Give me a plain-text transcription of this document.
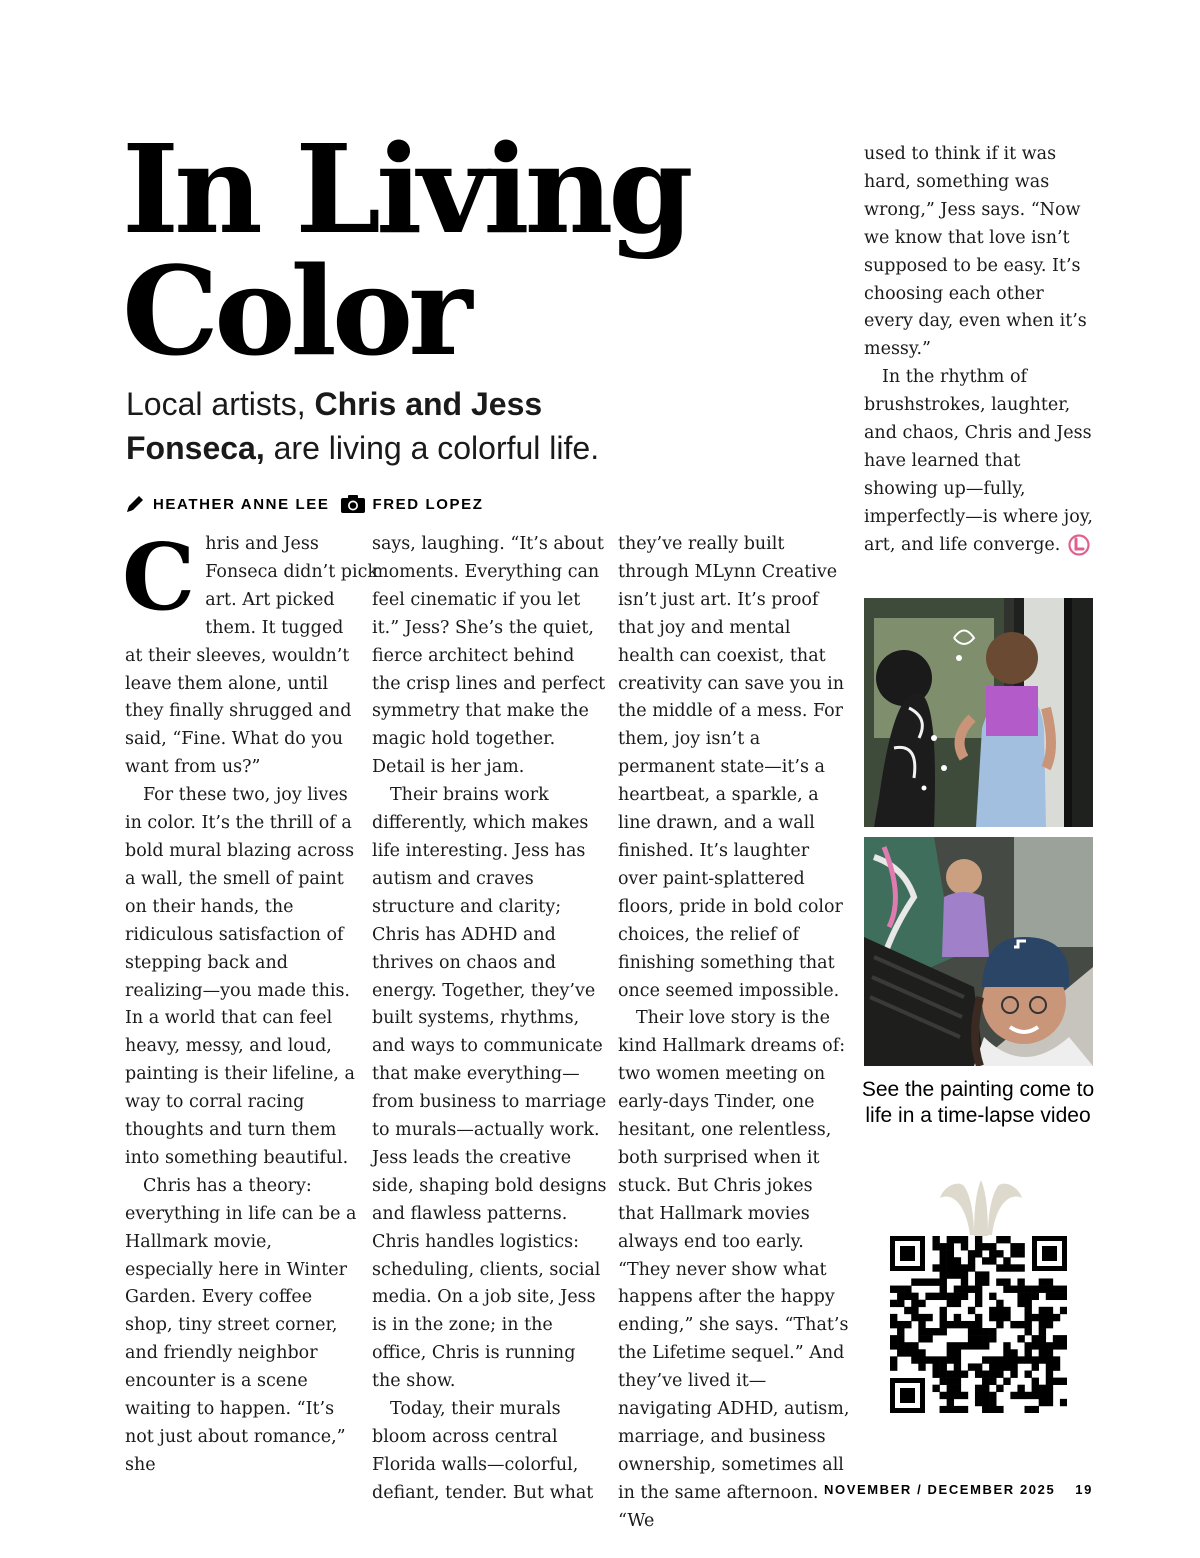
In Living
Color

Local artists, Chris and Jess
Fonseca, are living a colorful life.

HEATHER ANNE LEE	FRED LOPEZ
C hris and Jess
Fonseca didn’t pick
art. Art picked

them. It tugged at their sleeves, wouldn’t leave them alone, until they finally shrugged and said, “Fine. What do you want from us?”

For these two, joy lives in color. It’s the thrill of a bold mural blazing across a wall, the smell of paint on their hands, the ridiculous satisfaction of stepping back and realizing—you made this. In a world that can feel heavy, messy, and loud, painting is their lifeline, a way to corral racing thoughts and turn them into something beautiful.

Chris has a theory: everything in life can be a Hallmark movie, especially here in Winter Garden. Every coffee shop, tiny street corner, and friendly neighbor encounter is a scene waiting to happen. “It’s not just about romance,” she

says, laughing. “It’s about moments. Everything can feel cinematic if you let it.” Jess? She’s the quiet, fierce architect behind the crisp lines and perfect symmetry that make the magic hold together. Detail is her jam.

Their brains work differently, which makes life interesting. Jess has autism and craves structure and clarity; Chris has ADHD and thrives on chaos and energy. Together, they’ve built systems, rhythms, and ways to communicate that make everything—from business to marriage to murals—actually work. Jess leads the creative side, shaping bold designs and flawless patterns. Chris handles logistics: scheduling, clients, social media. On a job site, Jess is in the zone; in the office, Chris is running the show.

Today, their murals bloom across central Florida walls—colorful, defiant, tender. But what

they’ve really built through MLynn Creative isn’t just art. It’s proof that joy and mental health can coexist, that creativity can save you in the middle of a mess. For them, joy isn’t a permanent state—it’s a heartbeat, a sparkle, a line drawn, and a wall finished. It’s laughter over paint-splattered floors, pride in bold color choices, the relief of finishing something that once seemed impossible.

Their love story is the kind Hallmark dreams of: two women meeting on early-days Tinder, one hesitant, one relentless, both surprised when it stuck. But Chris jokes that Hallmark movies always end too early. “They never show what happens after the happy ending,” she says. “That’s the Lifetime sequel.” And they’ve lived it—navigating ADHD, autism, marriage, and business ownership, sometimes all in the same afternoon. “We

used to think if it was hard, something was wrong,” Jess says. “Now we know that love isn’t supposed to be easy. It’s choosing each other every day, even when it’s messy.”

In the rhythm of brushstrokes, laughter, and chaos, Chris and Jess have learned that showing up—fully, imperfectly—is where joy, art, and life converge.

See the painting come to life in a time-lapse video

NOVEMBER / DECEMBER 2025 19
